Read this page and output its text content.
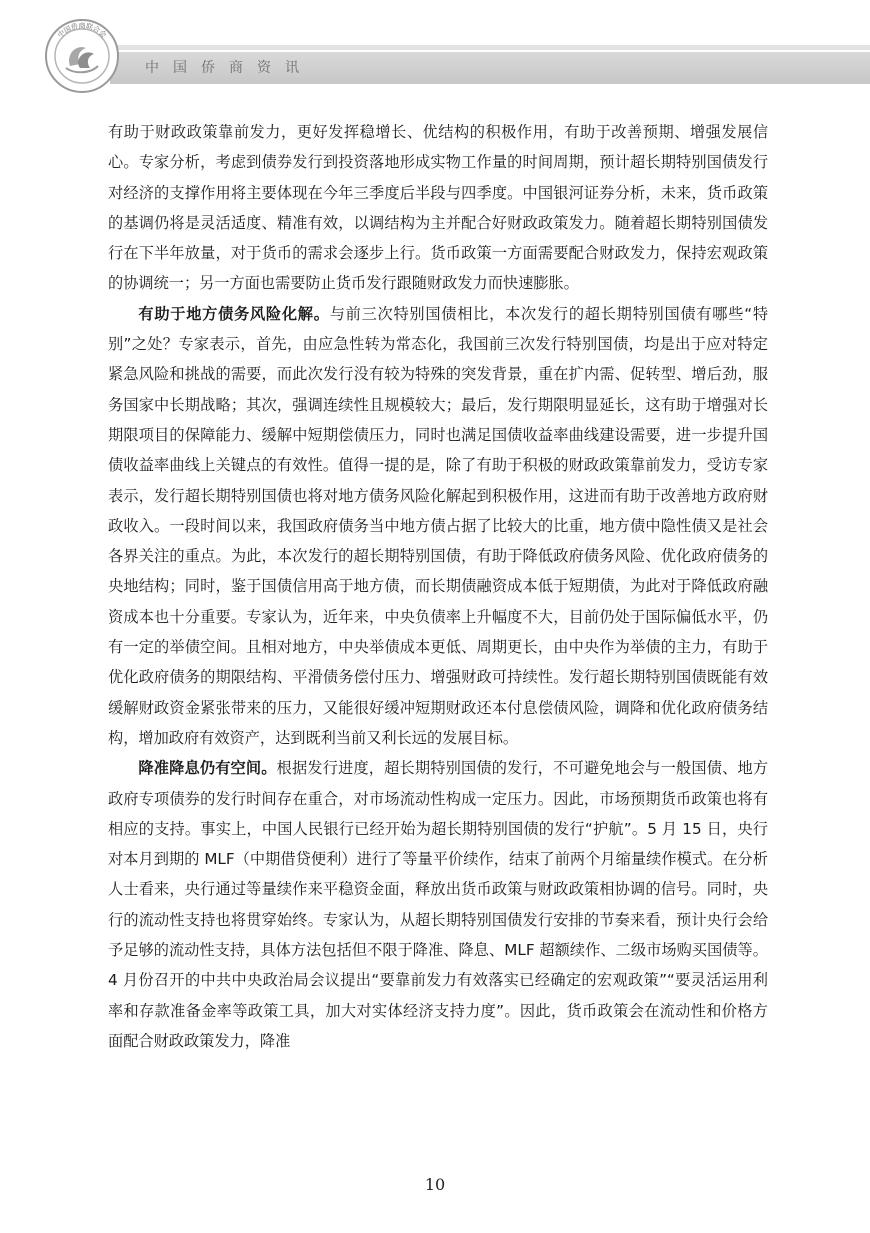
中国侨商联合会
中国侨商资讯

有助于财政政策靠前发力，更好发挥稳增长、优结构的积极作用，有助于改善预期、增强发展信心。专家分析，考虑到债券发行到投资落地形成实物工作量的时间周期，预计超长期特别国债发行对经济的支撑作用将主要体现在今年三季度后半段与四季度。中国银河证券分析，未来，货币政策的基调仍将是灵活适度、精准有效，以调结构为主并配合好财政政策发力。随着超长期特别国债发行在下半年放量，对于货币的需求会逐步上行。货币政策一方面需要配合财政发力，保持宏观政策的协调统一；另一方面也需要防止货币发行跟随财政发力而快速膨胀。

有助于地方债务风险化解。与前三次特别国债相比，本次发行的超长期特别国债有哪些“特别”之处？专家表示，首先，由应急性转为常态化，我国前三次发行特别国债，均是出于应对特定紧急风险和挑战的需要，而此次发行没有较为特殊的突发背景，重在扩内需、促转型、增后劲，服务国家中长期战略；其次，强调连续性且规模较大；最后，发行期限明显延长，这有助于增强对长期限项目的保障能力、缓解中短期偿债压力，同时也满足国债收益率曲线建设需要，进一步提升国债收益率曲线上关键点的有效性。值得一提的是，除了有助于积极的财政政策靠前发力，受访专家表示，发行超长期特别国债也将对地方债务风险化解起到积极作用，这进而有助于改善地方政府财政收入。一段时间以来，我国政府债务当中地方债占据了比较大的比重，地方债中隐性债又是社会各界关注的重点。为此，本次发行的超长期特别国债，有助于降低政府债务风险、优化政府债务的央地结构；同时，鉴于国债信用高于地方债，而长期债融资成本低于短期债，为此对于降低政府融资成本也十分重要。专家认为，近年来，中央负债率上升幅度不大，目前仍处于国际偏低水平，仍有一定的举债空间。且相对地方，中央举债成本更低、周期更长，由中央作为举债的主力，有助于优化政府债务的期限结构、平滑债务偿付压力、增强财政可持续性。发行超长期特别国债既能有效缓解财政资金紧张带来的压力，又能很好缓冲短期财政还本付息偿债风险，调降和优化政府债务结构，增加政府有效资产，达到既利当前又利长远的发展目标。

降准降息仍有空间。根据发行进度，超长期特别国债的发行，不可避免地会与一般国债、地方政府专项债券的发行时间存在重合，对市场流动性构成一定压力。因此，市场预期货币政策也将有相应的支持。事实上，中国人民银行已经开始为超长期特别国债的发行“护航”。5 月 15 日，央行对本月到期的 MLF（中期借贷便利）进行了等量平价续作，结束了前两个月缩量续作模式。在分析人士看来，央行通过等量续作来平稳资金面，释放出货币政策与财政政策相协调的信号。同时，央行的流动性支持也将贯穿始终。专家认为，从超长期特别国债发行安排的节奏来看，预计央行会给予足够的流动性支持，具体方法包括但不限于降准、降息、MLF 超额续作、二级市场购买国债等。4 月份召开的中共中央政治局会议提出“要靠前发力有效落实已经确定的宏观政策”“要灵活运用利率和存款准备金率等政策工具，加大对实体经济支持力度”。因此，货币政策会在流动性和价格方面配合财政政策发力，降准

10
